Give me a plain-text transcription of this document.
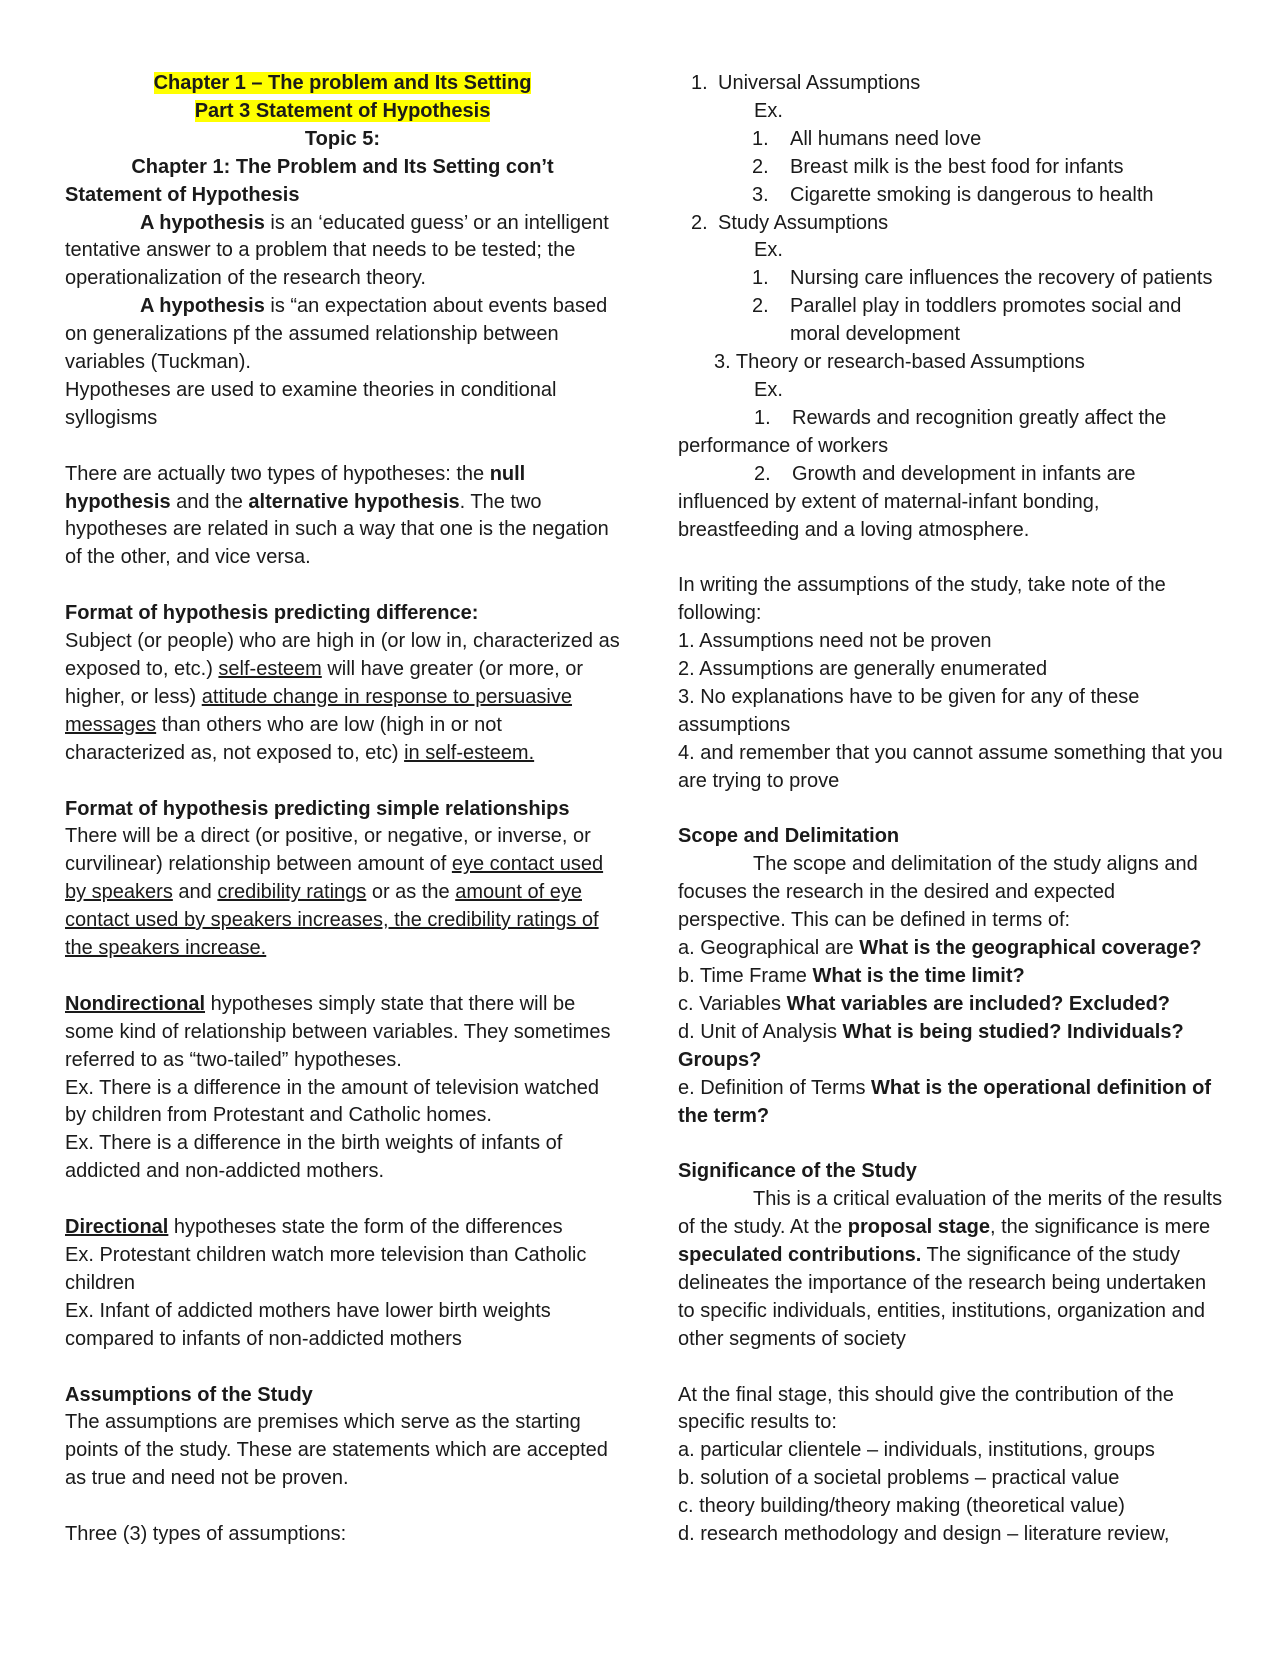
Chapter 1 – The problem and Its Setting

Part 3 Statement of Hypothesis

Topic 5:

Chapter 1: The Problem and Its Setting con’t

Statement of Hypothesis

A hypothesis is an ‘educated guess’ or an intelligent tentative answer to a problem that needs to be tested; the operationalization of the research theory.

A hypothesis is “an expectation about events based on generalizations pf the assumed relationship between variables (Tuckman).

Hypotheses are used to examine theories in conditional syllogisms

There are actually two types of hypotheses: the null hypothesis and the alternative hypothesis. The two hypotheses are related in such a way that one is the negation of the other, and vice versa.

Format of hypothesis predicting difference:

Subject (or people) who are high in (or low in, characterized as exposed to, etc.) self-esteem will have greater (or more, or higher, or less) attitude change in response to persuasive messages than others who are low (high in or not characterized as, not exposed to, etc) in self-esteem.

Format of hypothesis predicting simple relationships

There will be a direct (or positive, or negative, or inverse, or curvilinear) relationship between amount of eye contact used by speakers and credibility ratings or as the amount of eye contact used by speakers increases, the credibility ratings of the speakers increase.

Nondirectional hypotheses simply state that there will be some kind of relationship between variables. They sometimes referred to as “two-tailed” hypotheses.

Ex. There is a difference in the amount of television watched by children from Protestant and Catholic homes.

Ex. There is a difference in the birth weights of infants of addicted and non-addicted mothers.

Directional hypotheses state the form of the differences

Ex. Protestant children watch more television than Catholic children

Ex. Infant of addicted mothers have lower birth weights compared to infants of non-addicted mothers

Assumptions of the Study

The assumptions are premises which serve as the starting points of the study. These are statements which are accepted as true and need not be proven.

Three (3) types of assumptions:

1. Universal Assumptions

Ex.

1. All humans need love

2. Breast milk is the best food for infants

3. Cigarette smoking is dangerous to health

2. Study Assumptions

Ex.

1. Nursing care influences the recovery of patients

2. Parallel play in toddlers promotes social and moral development

3. Theory or research-based Assumptions

Ex.

1. Rewards and recognition greatly affect the

performance of workers

2. Growth and development in infants are

influenced by extent of maternal-infant bonding, breastfeeding and a loving atmosphere.

In writing the assumptions of the study, take note of the following:

1. Assumptions need not be proven

2. Assumptions are generally enumerated

3. No explanations have to be given for any of these assumptions

4. and remember that you cannot assume something that you are trying to prove

Scope and Delimitation

The scope and delimitation of the study aligns and focuses the research in the desired and expected perspective. This can be defined in terms of:

a. Geographical are What is the geographical coverage?

b. Time Frame What is the time limit?

c. Variables What variables are included? Excluded?

d. Unit of Analysis What is being studied? Individuals? Groups?

e. Definition of Terms What is the operational definition of the term?

Significance of the Study

This is a critical evaluation of the merits of the results of the study. At the proposal stage, the significance is mere speculated contributions. The significance of the study delineates the importance of the research being undertaken to specific individuals, entities, institutions, organization and other segments of society

At the final stage, this should give the contribution of the specific results to:

a. particular clientele – individuals, institutions, groups

b. solution of a societal problems – practical value

c. theory building/theory making (theoretical value)

d. research methodology and design – literature review,
